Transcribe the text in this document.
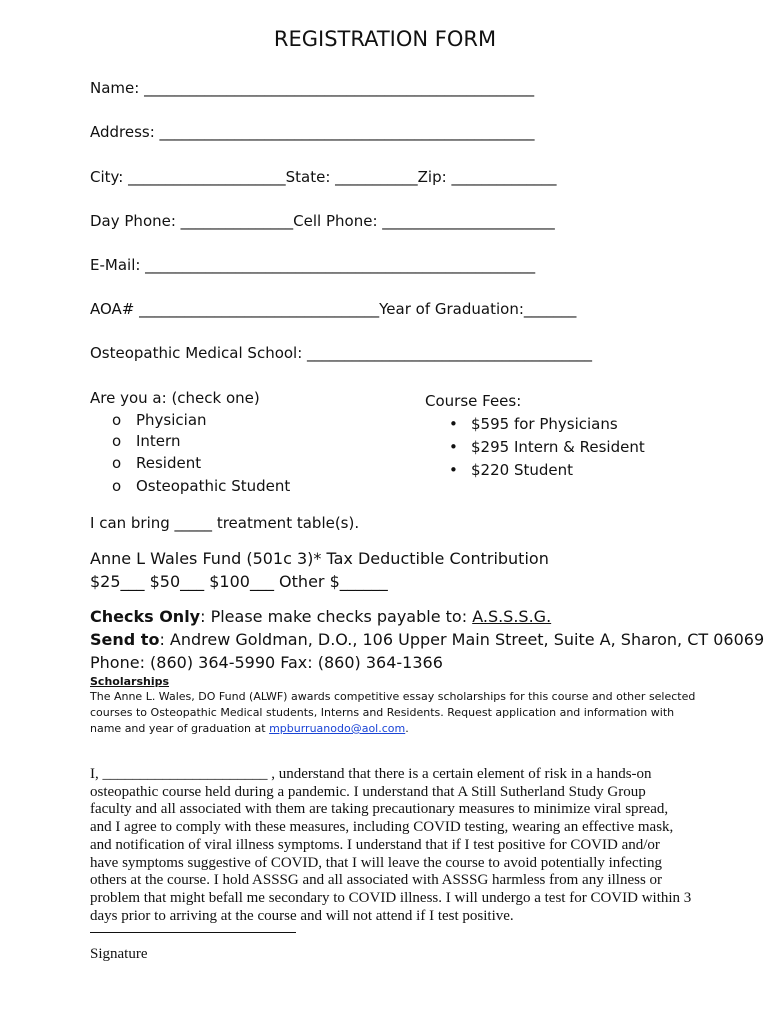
REGISTRATION FORM
Name: ____________________________________________________
Address: __________________________________________________
City: _____________________State: ___________Zip: ______________
Day Phone: _______________Cell Phone: _______________________
E-Mail: ____________________________________________________
AOA# ________________________________Year of Graduation:_______
Osteopathic Medical School: ______________________________________
Are you a: (check one)
o Physician
o Intern
o Resident
o Osteopathic Student
Course Fees:
• $595 for Physicians
• $295 Intern & Resident
• $220 Student
I can bring _____ treatment table(s).
Anne L Wales Fund (501c 3)* Tax Deductible Contribution
$25___ $50___ $100___ Other $______
Checks Only: Please make checks payable to: A.S.S.S.G.
Send to: Andrew Goldman, D.O., 106 Upper Main Street, Suite A, Sharon, CT 06069
Phone: (860) 364-5990 Fax: (860) 364-1366
Scholarships
The Anne L. Wales, DO Fund (ALWF) awards competitive essay scholarships for this course and other selected courses to Osteopathic Medical students, Interns and Residents. Request application and information with name and year of graduation at mpburruanodo@aol.com.
I, ______________________ , understand that there is a certain element of risk in a hands-on
osteopathic course held during a pandemic. I understand that A Still Sutherland Study Group
faculty and all associated with them are taking precautionary measures to minimize viral spread,
and I agree to comply with these measures, including COVID testing, wearing an effective mask,
and notification of viral illness symptoms. I understand that if I test positive for COVID and/or
have symptoms suggestive of COVID, that I will leave the course to avoid potentially infecting
others at the course. I hold ASSSG and all associated with ASSSG harmless from any illness or
problem that might befall me secondary to COVID illness. I will undergo a test for COVID within 3
days prior to arriving at the course and will not attend if I test positive.
Signature
